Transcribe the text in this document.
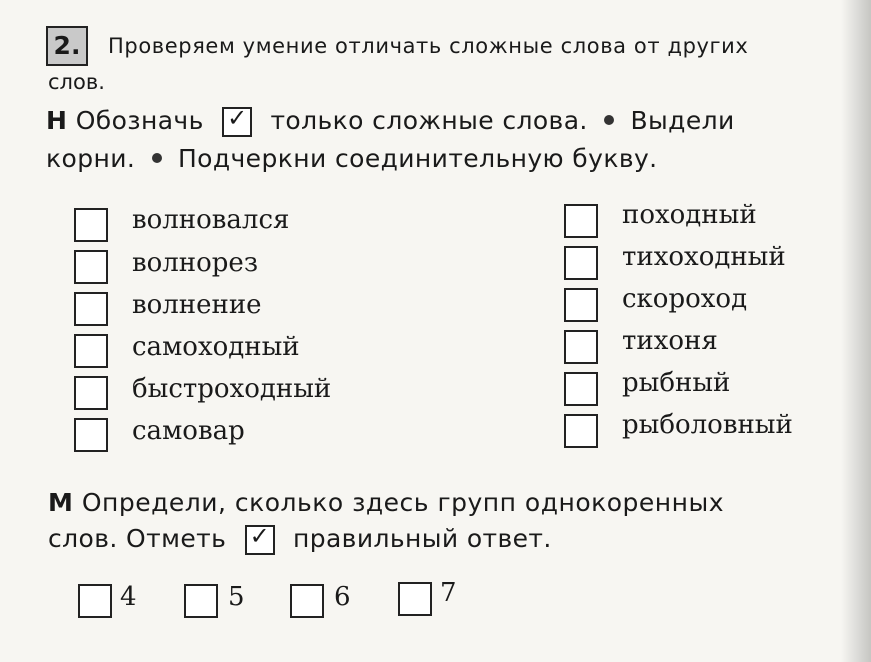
2.	Проверяем умение отличать сложные слова от других
слов.
Н Обозначь ✓ только сложные слова. Выдели
корни. Подчеркни соединительную букву.
волновался
волнорез
волнение
самоходный
быстроходный
самовар
походный
тихоходный
скороход
тихоня
рыбный
рыболовный
М Определи, сколько здесь групп однокоренных
слов. Отметь ✓ правильный ответ.
4	5	6	7
